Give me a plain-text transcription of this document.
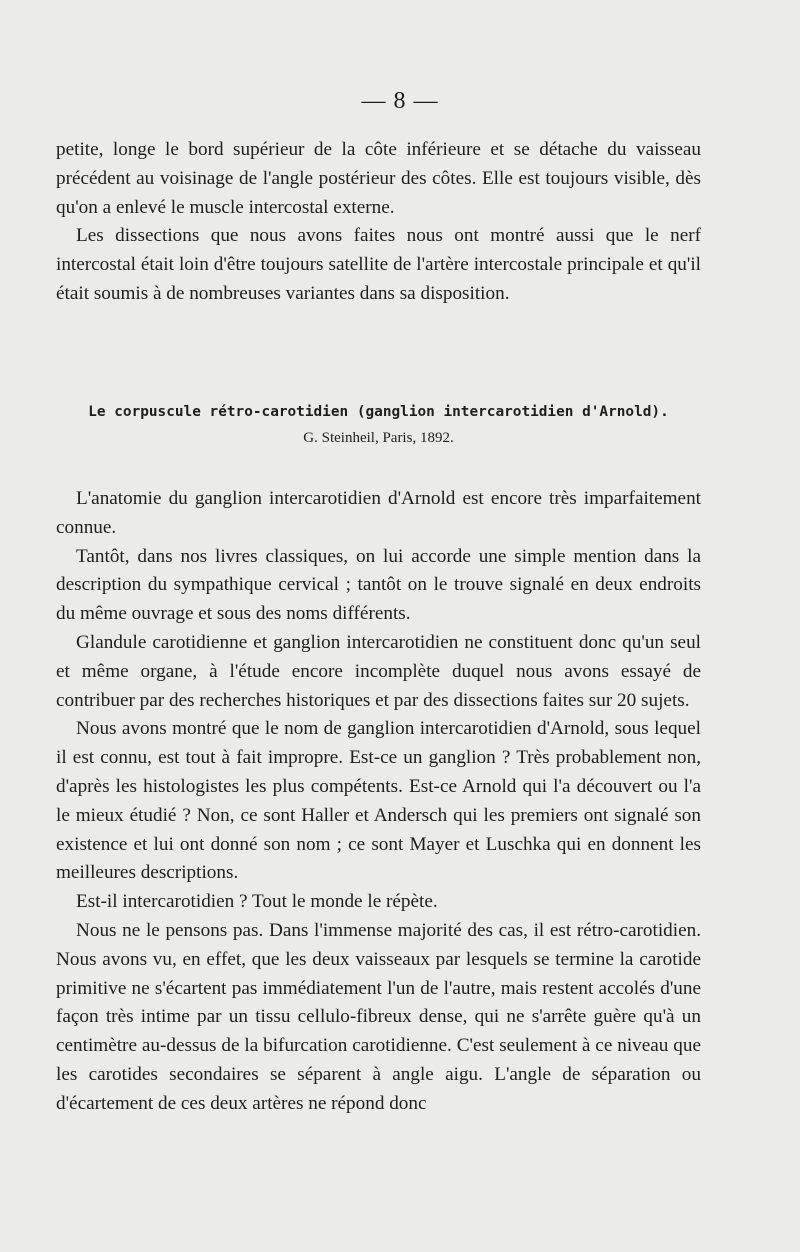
— 8 —

petite, longe le bord supérieur de la côte inférieure et se détache du vaisseau précédent au voisinage de l'angle postérieur des côtes. Elle est toujours visible, dès qu'on a enlevé le muscle intercostal externe.

Les dissections que nous avons faites nous ont montré aussi que le nerf intercostal était loin d'être toujours satellite de l'artère intercostale principale et qu'il était soumis à de nombreuses variantes dans sa disposition.

Le corpuscule rétro-carotidien (ganglion intercarotidien d'Arnold).
G. Steinheil, Paris, 1892.

L'anatomie du ganglion intercarotidien d'Arnold est encore très imparfaitement connue.

Tantôt, dans nos livres classiques, on lui accorde une simple mention dans la description du sympathique cervical ; tantôt on le trouve signalé en deux endroits du même ouvrage et sous des noms différents.

Glandule carotidienne et ganglion intercarotidien ne constituent donc qu'un seul et même organe, à l'étude encore incomplète duquel nous avons essayé de contribuer par des recherches historiques et par des dissections faites sur 20 sujets.

Nous avons montré que le nom de ganglion intercarotidien d'Arnold, sous lequel il est connu, est tout à fait impropre. Est-ce un ganglion ? Très probablement non, d'après les histologistes les plus compétents. Est-ce Arnold qui l'a découvert ou l'a le mieux étudié ? Non, ce sont Haller et Andersch qui les premiers ont signalé son existence et lui ont donné son nom ; ce sont Mayer et Luschka qui en donnent les meilleures descriptions.

Est-il intercarotidien ? Tout le monde le répète.

Nous ne le pensons pas. Dans l'immense majorité des cas, il est rétro-carotidien. Nous avons vu, en effet, que les deux vaisseaux par lesquels se termine la carotide primitive ne s'écartent pas immédiatement l'un de l'autre, mais restent accolés d'une façon très intime par un tissu cellulo-fibreux dense, qui ne s'arrête guère qu'à un centimètre au-dessus de la bifurcation carotidienne. C'est seulement à ce niveau que les carotides secondaires se séparent à angle aigu. L'angle de séparation ou d'écartement de ces deux artères ne répond donc
